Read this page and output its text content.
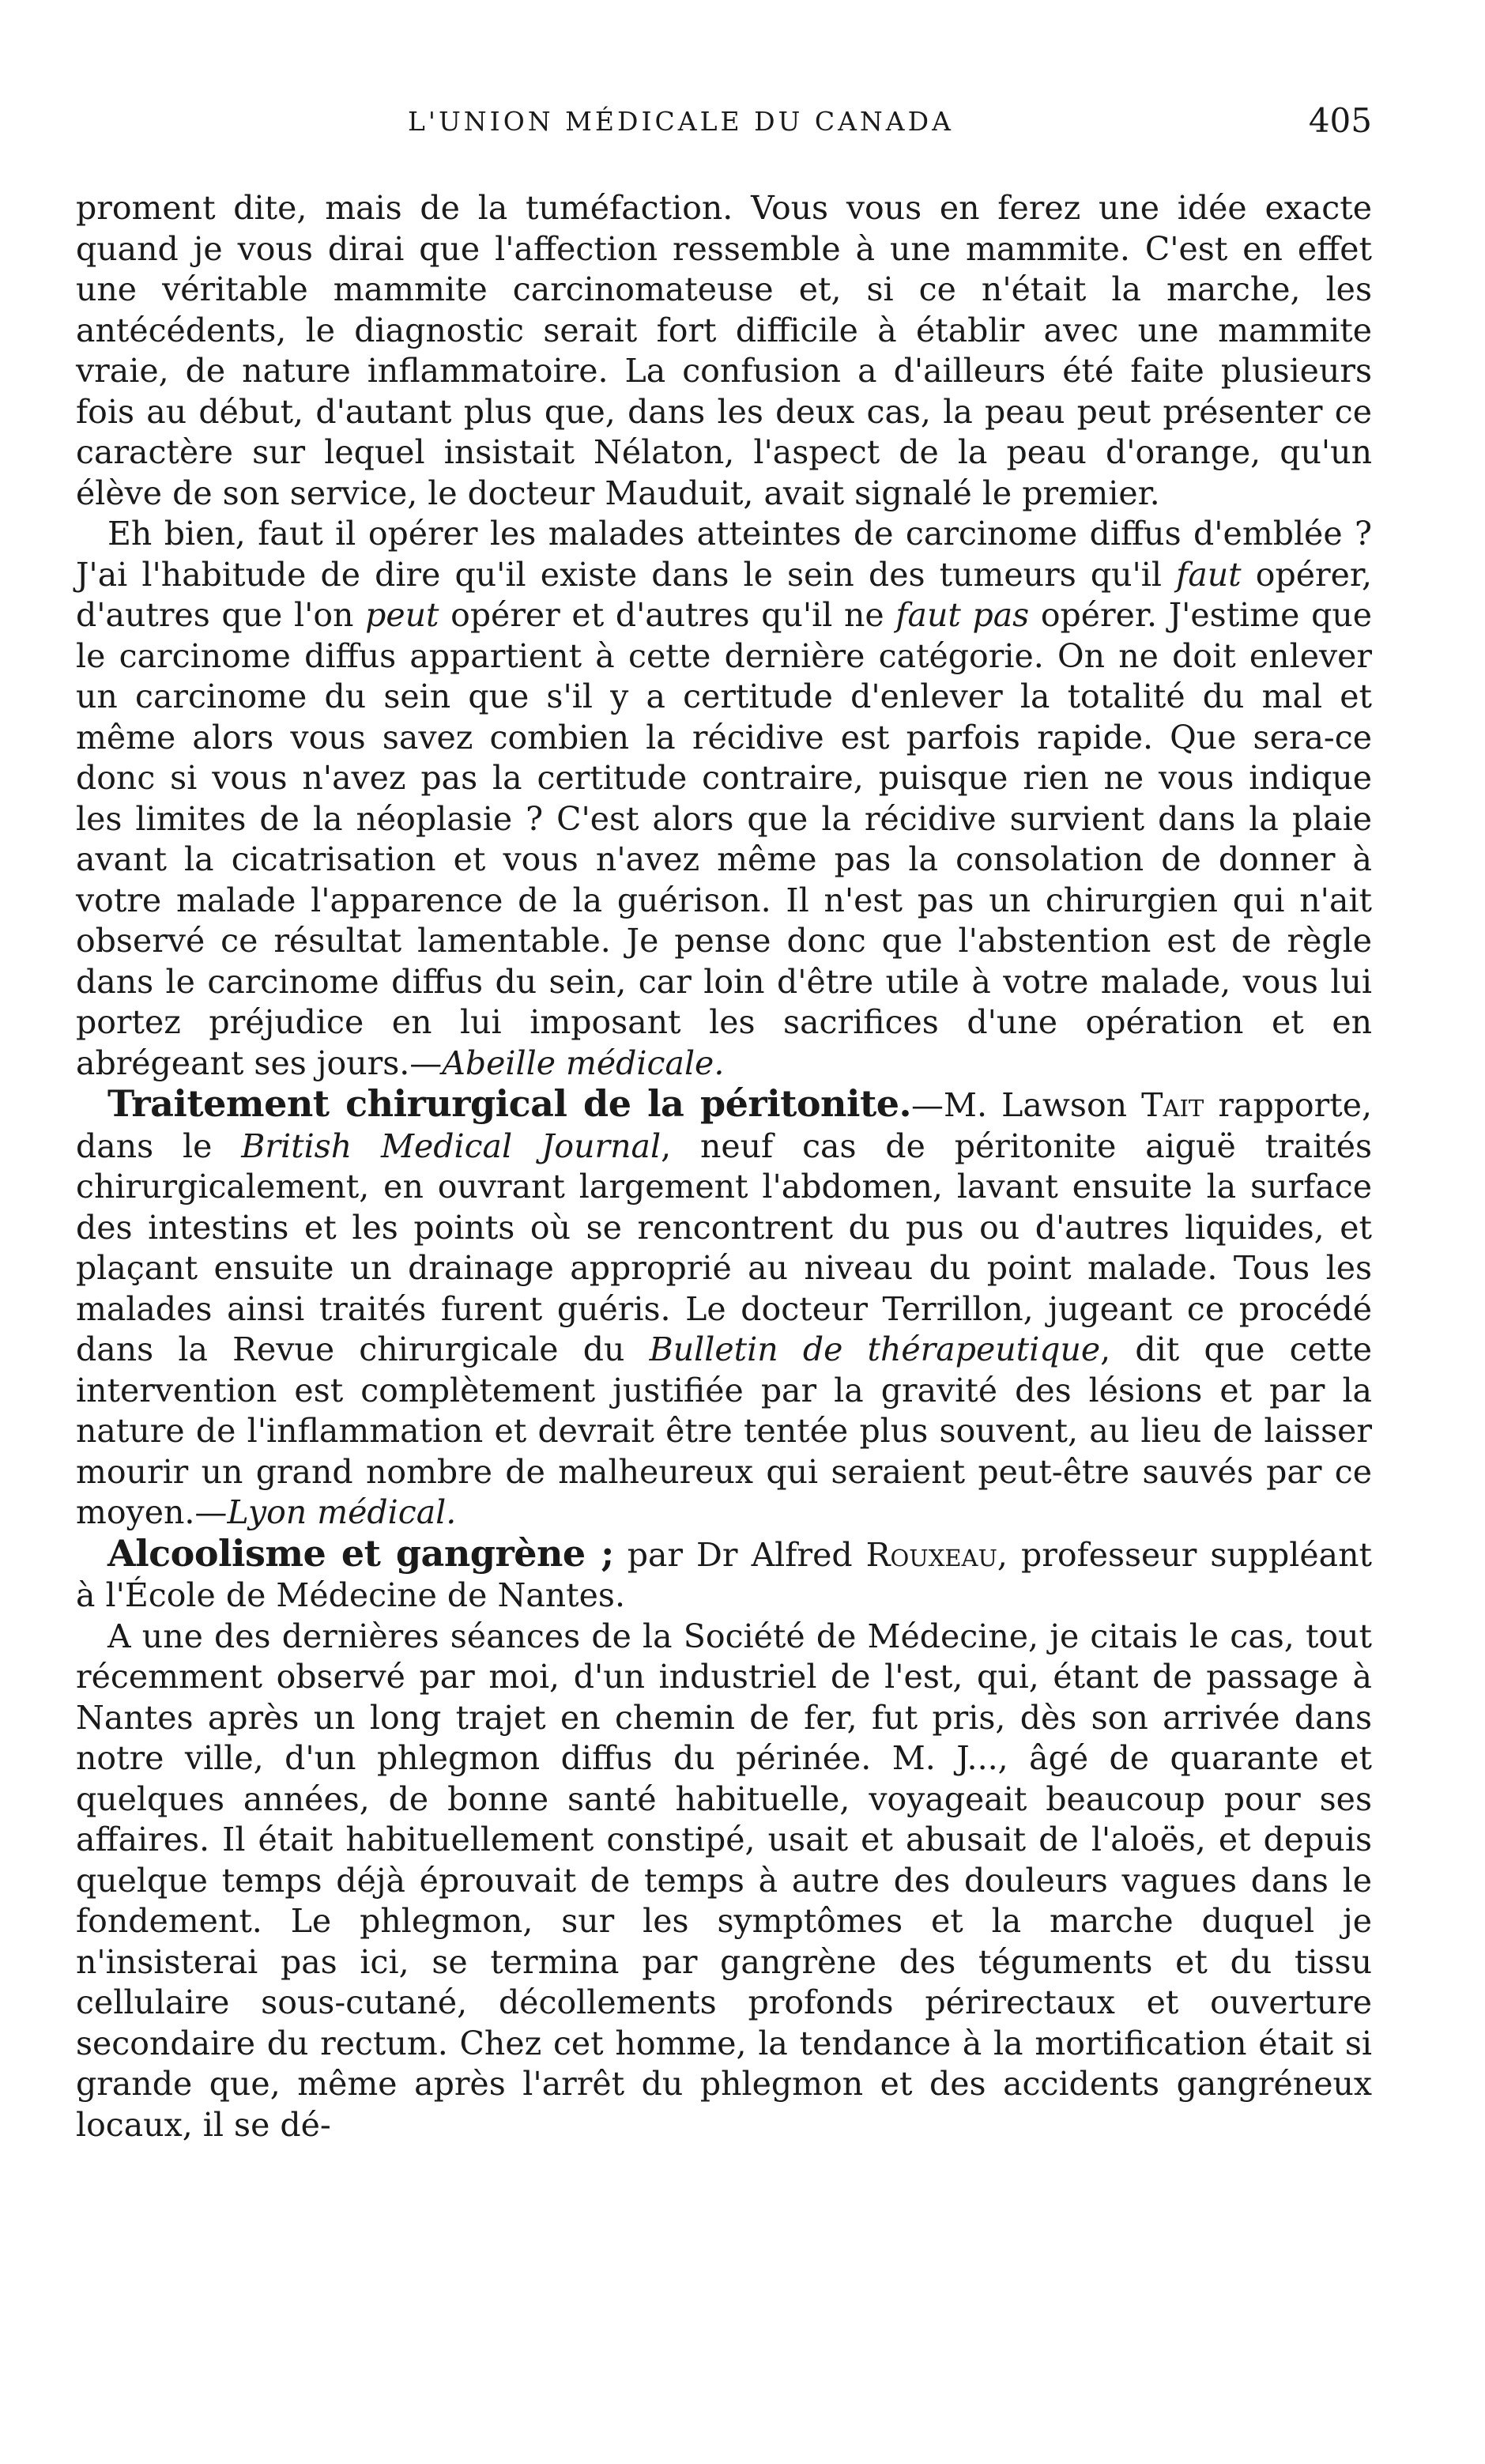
L'UNION MÉDICALE DU CANADA	405

proment dite, mais de la tuméfaction. Vous vous en ferez une idée exacte quand je vous dirai que l'affection ressemble à une mammite. C'est en effet une véritable mammite carcinomateuse et, si ce n'était la marche, les antécédents, le diagnostic serait fort difficile à établir avec une mammite vraie, de nature inflammatoire. La confusion a d'ailleurs été faite plusieurs fois au début, d'autant plus que, dans les deux cas, la peau peut présenter ce caractère sur lequel insistait Nélaton, l'aspect de la peau d'orange, qu'un élève de son service, le docteur Mauduit, avait signalé le premier.

Eh bien, faut il opérer les malades atteintes de carcinome diffus d'emblée ? J'ai l'habitude de dire qu'il existe dans le sein des tumeurs qu'il faut opérer, d'autres que l'on peut opérer et d'autres qu'il ne faut pas opérer. J'estime que le carcinome diffus appartient à cette dernière catégorie. On ne doit enlever un carcinome du sein que s'il y a certitude d'enlever la totalité du mal et même alors vous savez combien la récidive est parfois rapide. Que sera-ce donc si vous n'avez pas la certitude contraire, puisque rien ne vous indique les limites de la néoplasie ? C'est alors que la récidive survient dans la plaie avant la cicatrisation et vous n'avez même pas la consolation de donner à votre malade l'apparence de la guérison. Il n'est pas un chirurgien qui n'ait observé ce résultat lamentable. Je pense donc que l'abstention est de règle dans le carcinome diffus du sein, car loin d'être utile à votre malade, vous lui portez préjudice en lui imposant les sacrifices d'une opération et en abrégeant ses jours.—Abeille médicale.

Traitement chirurgical de la péritonite.—M. Lawson Tait rapporte, dans le British Medical Journal, neuf cas de péritonite aiguë traités chirurgicalement, en ouvrant largement l'abdomen, lavant ensuite la surface des intestins et les points où se rencontrent du pus ou d'autres liquides, et plaçant ensuite un drainage approprié au niveau du point malade. Tous les malades ainsi traités furent guéris. Le docteur Terrillon, jugeant ce procédé dans la Revue chirurgicale du Bulletin de thérapeutique, dit que cette intervention est complètement justifiée par la gravité des lésions et par la nature de l'inflammation et devrait être tentée plus souvent, au lieu de laisser mourir un grand nombre de malheureux qui seraient peut-être sauvés par ce moyen.—Lyon médical.

Alcoolisme et gangrène ; par Dr Alfred Rouxeau, professeur suppléant à l'École de Médecine de Nantes.

A une des dernières séances de la Société de Médecine, je citais le cas, tout récemment observé par moi, d'un industriel de l'est, qui, étant de passage à Nantes après un long trajet en chemin de fer, fut pris, dès son arrivée dans notre ville, d'un phlegmon diffus du périnée. M. J..., âgé de quarante et quelques années, de bonne santé habituelle, voyageait beaucoup pour ses affaires. Il était habituellement constipé, usait et abusait de l'aloës, et depuis quelque temps déjà éprouvait de temps à autre des douleurs vagues dans le fondement. Le phlegmon, sur les symptômes et la marche duquel je n'insisterai pas ici, se termina par gangrène des téguments et du tissu cellulaire sous-cutané, décollements profonds périrectaux et ouverture secondaire du rectum. Chez cet homme, la tendance à la mortification était si grande que, même après l'arrêt du phlegmon et des accidents gangréneux locaux, il se dé-
